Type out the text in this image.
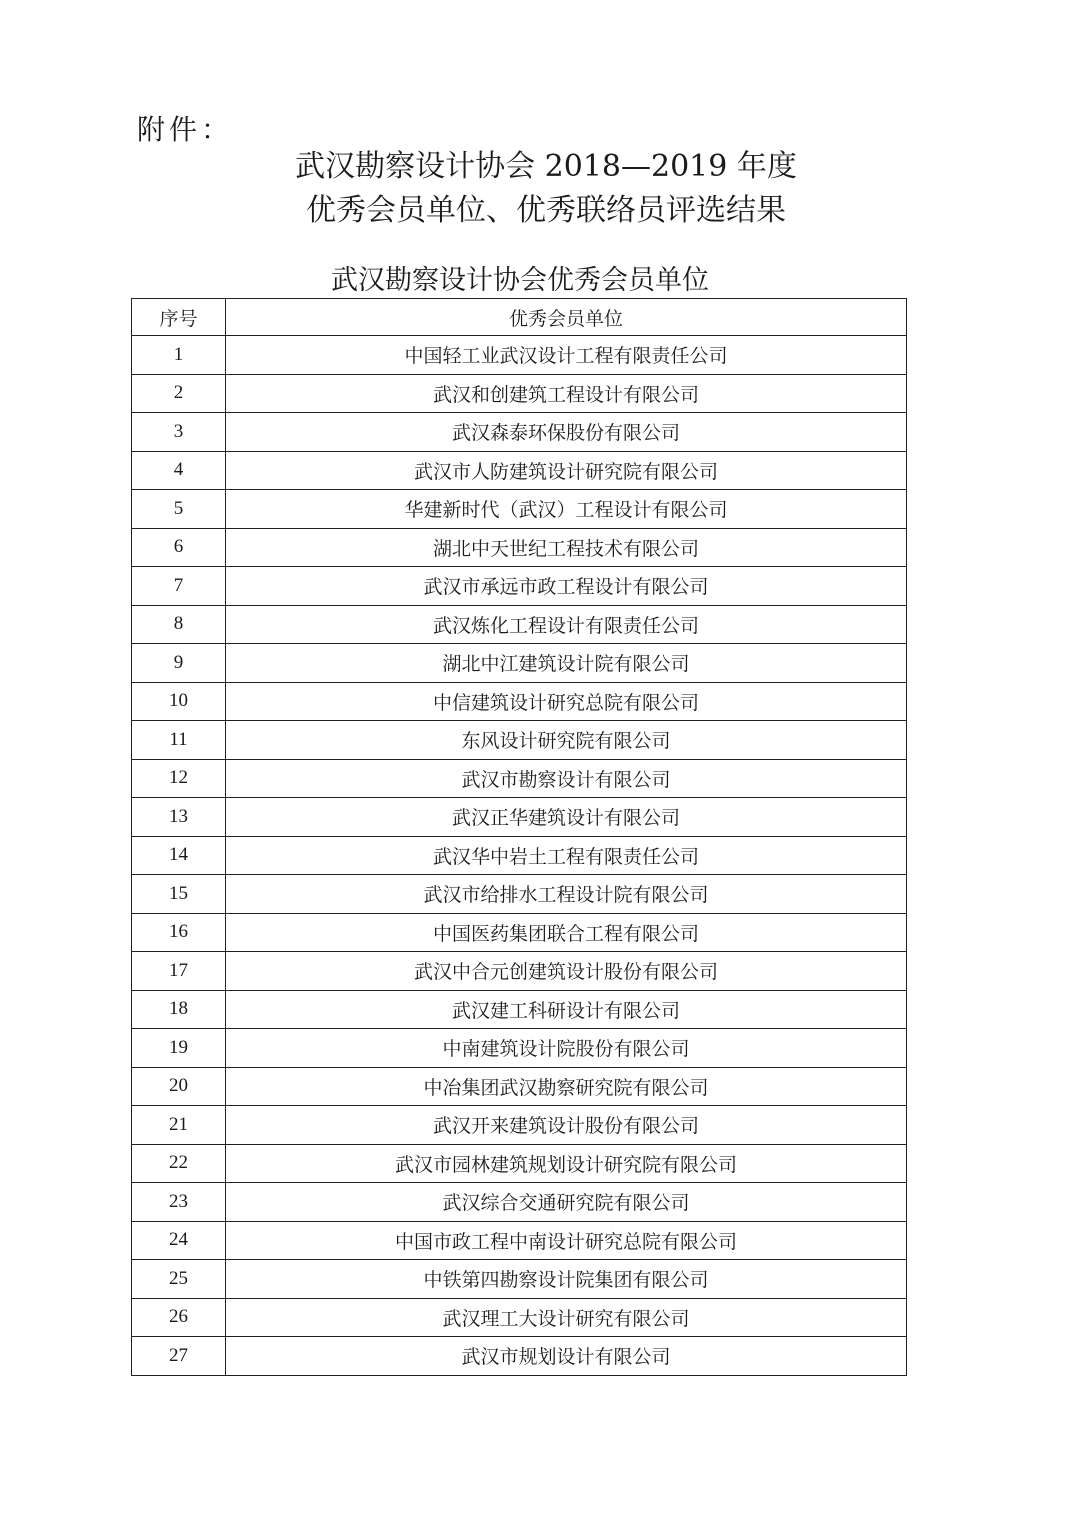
附件：
武汉勘察设计协会 2018—2019 年度
优秀会员单位、优秀联络员评选结果
武汉勘察设计协会优秀会员单位
序号	优秀会员单位
1	中国轻工业武汉设计工程有限责任公司
2	武汉和创建筑工程设计有限公司
3	武汉森泰环保股份有限公司
4	武汉市人防建筑设计研究院有限公司
5	华建新时代（武汉）工程设计有限公司
6	湖北中天世纪工程技术有限公司
7	武汉市承远市政工程设计有限公司
8	武汉炼化工程设计有限责任公司
9	湖北中江建筑设计院有限公司
10	中信建筑设计研究总院有限公司
11	东风设计研究院有限公司
12	武汉市勘察设计有限公司
13	武汉正华建筑设计有限公司
14	武汉华中岩土工程有限责任公司
15	武汉市给排水工程设计院有限公司
16	中国医药集团联合工程有限公司
17	武汉中合元创建筑设计股份有限公司
18	武汉建工科研设计有限公司
19	中南建筑设计院股份有限公司
20	中冶集团武汉勘察研究院有限公司
21	武汉开来建筑设计股份有限公司
22	武汉市园林建筑规划设计研究院有限公司
23	武汉综合交通研究院有限公司
24	中国市政工程中南设计研究总院有限公司
25	中铁第四勘察设计院集团有限公司
26	武汉理工大设计研究有限公司
27	武汉市规划设计有限公司
